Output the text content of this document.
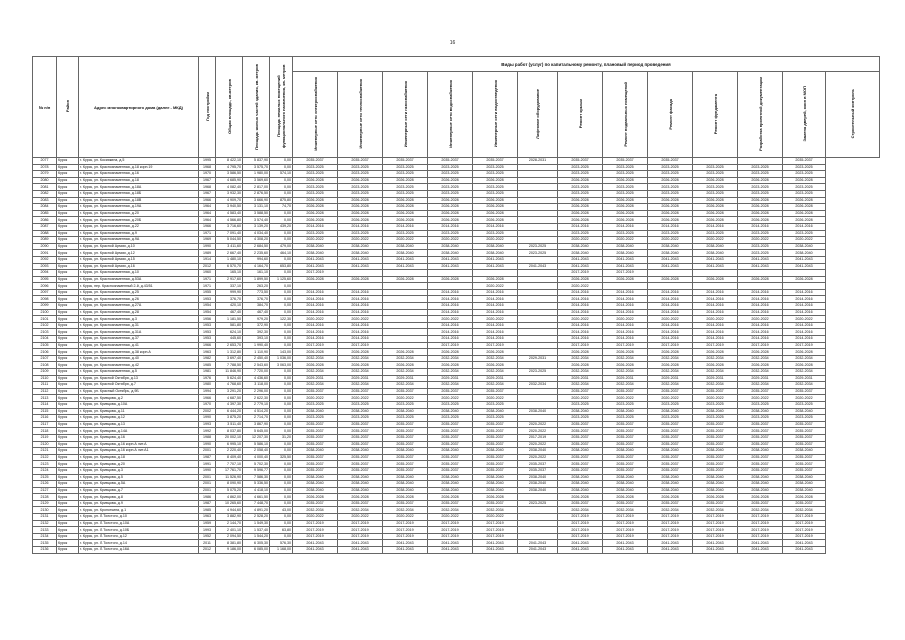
16
№ п/п	Район	Адрес многоквартирного дома (далее - МКД)	Год постройки	Общая площадь, кв.метров	Площадь жилых частей здания, кв. метров	Площадь нежилых помещений функционального назначения, кв. метров	Виды работ (услуг) по капитальному ремонту, плановый период проведения												
							Инженерные сети электроснабжения	Инженерные сети теплоснабжения	Инженерные сети газоснабжения	Инженерные сети водоснабжения	Инженерные сети водоотведения	Лифтовое оборудование	Ремонт крыши	Ремонт подвальных помещений	Ремонт фасада	Ремонт фундамента	Разработка проектной документации	Замена дверей, окон в МОП	Строительный контроль
2077	Курск	г. Курск, ул. Косиякина, д.5	1995	8 422,10	5 837,90	0,00	2035-2037	2035-2037	2035-2037	2035-2037	2035-2037	2028-2031	2035-2037	2035-2037	2035-2037			2035-2037	
2078	Курск	г. Курск, ул. Краснознаменная, д.18 корп.19	1968	4 795,70	3 575,70	0,00	2023-2025	2023-2025	2023-2025	2023-2025	2023-2025		2023-2025	2023-2025	2023-2025	2023-2025	2023-2025	2023-2025	
2079	Курск	г. Курск, ул. Краснознаменная, д.16	1970	3 586,50	1 980,00	574,10	2023-2025	2023-2025	2023-2025	2023-2025	2023-2025		2023-2025	2023-2025	2023-2025	2023-2025	2023-2025	2023-2025	
2080	Курск	г. Курск, ул. Краснознаменная, д.18	1967	4 685,90	3 569,60	0,00	2026-2028	2026-2028	2026-2028	2026-2028	2026-2028		2026-2028	2026-2028	2026-2028	2026-2028	2026-2028	2026-2028	
2081	Курск	г. Курск, ул. Краснознаменная, д.18А	1968	4 082,40	2 817,00	0,00	2023-2025	2023-2025	2023-2025	2023-2025	2023-2025		2023-2025	2023-2025	2023-2025	2023-2025	2023-2025	2023-2025	
2082	Курск	г. Курск, ул. Краснознаменная, д.18Б	1967	3 932,30	2 876,50	0,00	2023-2025	2023-2025	2023-2025	2023-2025	2023-2025		2023-2025	2023-2025	2023-2025	2023-2025	2023-2025	2023-2025	
2083	Курск	г. Курск, ул. Краснознаменная, д.18В	1966	4 909,70	3 666,90	875,80	2026-2028	2026-2028	2026-2028	2026-2028	2026-2028		2026-2028	2026-2028	2026-2028	2026-2028	2026-2028	2026-2028	
2084	Курск	г. Курск, ул. Краснознаменная, д.19А	1964	3 940,50	3 131,10	74,70	2026-2028	2026-2028	2026-2028	2026-2028	2026-2028		2026-2028	2026-2028	2026-2028	2026-2028	2026-2028	2026-2028	
2085	Курск	г. Курск, ул. Краснознаменная, д.20	1964	4 583,40	3 588,50	0,00	2026-2028	2026-2028	2026-2028	2026-2028	2026-2028		2026-2028	2026-2028	2026-2028	2026-2028	2026-2028	2026-2028	
2086	Курск	г. Курск, ул. Краснознаменная, д.20Б	1964	4 566,80	3 574,40	0,00	2026-2028	2026-2028	2026-2028	2026-2028	2026-2028		2026-2028	2026-2028	2026-2028	2026-2028	2026-2028	2026-2028	
2087	Курск	г. Курск, ул. Краснознаменная, д.22	1966	3 716,60	3 139,20	439,20	2014-2016	2014-2016	2014-2016	2014-2016	2014-2016		2014-2016	2014-2016	2014-2016	2014-2016	2014-2016	2014-2016	
2088	Курск	г. Курск, ул. Краснознаменная, д.9	1971	7 091,40	4 034,40	0,00	2023-2025	2023-2025	2023-2025	2023-2025	2023-2025		2023-2025	2023-2025	2023-2025	2023-2025	2023-2025	2023-2025	
2089	Курск	г. Курск, ул. Краснознаменная, д.9А	1969	5 044,50	4 308,20	0,00	2020-2022	2020-2022	2020-2022	2020-2022	2020-2022		2020-2022	2020-2022	2020-2022	2020-2022	2020-2022	2020-2022	
2090	Курск	г. Курск, ул. Красной Армии, д.10	1990	3 411,60	2 684,50	479,00	2038-2040	2038-2040	2038-2040	2038-2040	2038-2040	2023-2025	2038-2040	2038-2040	2038-2040	2038-2040	2023-2025	2038-2040	
2091	Курск	г. Курск, ул. Красной Армии, д.12	1989	2 667,40	2 235,60	464,10	2038-2040	2038-2040	2038-2040	2038-2040	2038-2040	2023-2025	2038-2040	2038-2040	2038-2040	2038-2040	2023-2025	2038-2040	
2092	Курск	г. Курск, ул. Красной Армии, д.15	1914	1 480,10	994,60	0,00	2041-2043	2041-2043	2041-2043	2041-2043	2041-2043		2041-2043	2041-2043	2041-2043	2041-2043	2041-2043	2041-2043	
2093	Курск	г. Курск, ул. Красной Армии, д.16	2012	6 570,70	4 164,70	653,80	2041-2043	2041-2043	2041-2043	2041-2043	2041-2043	2041-2043	2041-2043	2041-2043	2041-2043	2041-2043	2041-2043	2041-2043	
2094	Курск	г. Курск, ул. Краснознаменная, д.10	1960	165,10	161,10	0,00	2017-2019						2017-2019	2017-2019					
2095	Курск	г. Курск, ул. Краснознаменная, д.53А	1971	2 917,60	1 899,50	1 125,60	2026-2028	2026-2028	2026-2028	2026-2028	2026-2028		2026-2028	2026-2028	2026-2028	2026-2028	2026-2028	2026-2028	
2096	Курск	г. Курск, пер. Краснознаменный 2-й, д.43/51	1971	337,10	263,20	0,00					2020-2022		2020-2022						
2097	Курск	г. Курск, ул. Краснознаменная, д.25	1955	999,90	773,50	0,00	2014-2016	2014-2016		2014-2016	2014-2016		2014-2016	2014-2016	2014-2016	2014-2016	2014-2016	2014-2016	
2098	Курск	г. Курск, ул. Краснознаменная, д.26	1953	376,70	376,70	0,00	2014-2016	2014-2016		2014-2016	2014-2016		2014-2016	2014-2016	2014-2016	2014-2016	2014-2016	2014-2016	
2099	Курск	г. Курск, ул. Краснознаменная, д.27А	1954	420,10	384,70	0,00	2014-2016	2014-2016		2014-2016	2014-2016		2014-2016	2014-2016	2014-2016	2014-2016	2014-2016	2014-2016	
2100	Курск	г. Курск, ул. Краснознаменная, д.28	1954	467,40	467,40	0,00	2014-2016	2014-2016		2014-2016	2014-2016		2014-2016	2014-2016	2014-2016	2014-2016	2014-2016	2014-2016	
2101	Курск	г. Курск, ул. Краснознаменная, д.3	1956	1 181,50	979,20	122,30	2020-2022	2020-2022		2020-2022	2020-2022		2020-2022	2020-2022	2020-2022	2020-2022	2020-2022	2020-2022	
2102	Курск	г. Курск, ул. Краснознаменная, д.31	1953	581,80	372,90	0,00	2014-2016	2014-2016		2014-2016	2014-2016		2014-2016	2014-2016	2014-2016	2014-2016	2014-2016	2014-2016	
2103	Курск	г. Курск, ул. Краснознаменная, д.31А	1953	624,10	392,30	0,00	2014-2016	2014-2016		2014-2016	2014-2016		2014-2016	2014-2016	2014-2016	2014-2016	2014-2016	2014-2016	
2104	Курск	г. Курск, ул. Краснознаменная, д.37	1953	445,60	393,10	0,00	2014-2016	2014-2016		2014-2016	2014-2016		2014-2016	2014-2016	2014-2016	2014-2016	2014-2016	2014-2016	
2105	Курск	г. Курск, ул. Краснознаменная, д.41	1966	2 653,70	1 990,40	0,00	2017-2019	2017-2019		2017-2019	2017-2019		2017-2019	2017-2019	2017-2019	2017-2019	2017-2019	2017-2019	
2106	Курск	г. Курск, ул. Краснознаменная, д.38 корп.А	1963	1 312,80	1 110,90	143,00	2026-2028	2026-2028	2026-2028	2026-2028	2026-2028		2026-2028	2026-2028	2026-2028	2026-2028	2026-2028	2026-2028	
2107	Курск	г. Курск, ул. Краснознаменная, д.40	1982	3 697,40	2 450,40	1 036,00	2032-2034	2032-2034	2032-2034	2032-2034	2032-2034	2029-2031	2032-2034	2032-2034	2032-2034	2032-2034	2032-2034	2032-2034	
2108	Курск	г. Курск, ул. Краснознаменная, д.42	1985	7 788,50	2 543,60	3 063,00	2026-2028	2026-2028	2026-2028	2026-2028	2026-2028		2026-2028	2026-2028	2026-2028	2026-2028	2026-2028	2026-2028	
2109	Курск	г. Курск, ул. Краснознаменная, д.5	1981	11 846,90	7 720,00	0,00	2032-2034	2032-2034	2032-2034	2032-2034	2032-2034	2023-2025	2032-2034	2032-2034	2032-2034	2032-2034	2032-2034	2032-2034	
2110	Курск	г. Курск, ул. Красной Октября, д.13	1976	5 624,40	4 436,60	0,00	2029-2031	2029-2031	2029-2031	2029-2031	2029-2031		2029-2031	2029-2031	2029-2031	2029-2031	2029-2031	2029-2031	
2111	Курск	г. Курск, ул. Красной Октября, д.7	1980	4 768,60	3 118,00	0,00	2032-2034	2032-2034	2032-2034	2032-2034	2032-2034	2032-2034	2032-2034	2032-2034	2032-2034	2032-2034	2032-2034	2032-2034	
2112	Курск	г. Курск, ул. Красный Октябрь, д.9Б	1994	3 291,20	2 296,00	0,00	2035-2037	2035-2037	2035-2037	2035-2037	2035-2037		2035-2037	2035-2037	2035-2037	2035-2037	2035-2037	2035-2037	
2113	Курск	г. Курск, ул. Кривцова, д.2	1966	4 687,50	2 622,30	0,00	2020-2022	2020-2022	2020-2022	2020-2022	2020-2022		2020-2022	2020-2022	2020-2022	2020-2022	2020-2022	2020-2022	
2114	Курск	г. Курск, ул. Кривцова, д.10А	1970	4 397,30	2 779,10	0,00	2023-2025	2023-2025	2023-2025	2023-2025	2023-2025		2023-2025	2023-2025	2023-2025	2023-2025	2023-2025	2023-2025	
2115	Курск	г. Курск, ул. Кривцова, д.11	2002	6 444,20	4 514,20	0,00	2038-2040	2038-2040	2038-2040	2038-2040	2038-2040	2038-2040	2038-2040	2038-2040	2038-2040	2038-2040	2038-2040	2038-2040	
2116	Курск	г. Курск, ул. Кривцова, д.12	1990	3 875,20	2 714,70	0,00	2023-2025	2023-2025	2023-2025	2023-2025	2023-2025		2023-2025	2023-2025	2023-2025	2023-2025	2023-2025	2023-2025	
2117	Курск	г. Курск, ул. Кривцова, д.13	1993	3 511,40	3 867,90	0,00	2035-2037	2035-2037	2035-2037	2035-2037	2035-2037	2020-2022	2035-2037	2035-2037	2035-2037	2035-2037	2035-2037	2035-2037	
2118	Курск	г. Курск, ул. Кривцова, д.14А	1992	8 037,80	5 645,00	0,00	2035-2037	2035-2037	2035-2037	2035-2037	2035-2037	2020-2022	2035-2037	2035-2037	2035-2037	2035-2037	2035-2037	2035-2037	
2119	Курск	г. Курск, ул. Кривцова, д.16	1988	20 002,10	12 207,30	31,20	2035-2037	2035-2037	2035-2037	2035-2037	2035-2037	2017-2019	2035-2037	2035-2037	2035-2037	2035-2037	2035-2037	2035-2037	
2120	Курск	г. Курск, ул. Кривцова, д.16 корп.А лит.А	1990	6 995,10	5 586,10	0,00	2035-2037	2035-2037	2035-2037	2035-2037	2035-2037	2020-2022	2035-2037	2035-2037	2035-2037	2035-2037	2035-2037	2035-2037	
2121	Курск	г. Курск, ул. Кривцова, д.16 корп.А лит.А1	2001	2 220,40	2 058,40	0,00	2038-2040	2038-2040	2038-2040	2038-2040	2038-2040	2038-2040	2038-2040	2038-2040	2038-2040	2038-2040	2038-2040	2038-2040	
2122	Курск	г. Курск, ул. Кривцова, д.18	1987	8 409,40	4 000,40	325,50	2035-2037	2035-2037	2035-2037	2035-2037	2035-2037	2020-2022	2035-2037	2035-2037	2035-2037	2035-2037	2035-2037	2035-2037	
2123	Курск	г. Курск, ул. Кривцова, д.20	1991	7 707,10	5 702,30	0,00	2035-2037	2035-2037	2035-2037	2035-2037	2035-2037	2035-2037	2035-2037	2035-2037	2035-2037	2035-2037	2035-2037	2035-2037	
2124	Курск	г. Курск, ул. Кривцова, д.3	1990	17 761,70	9 596,77	0,00	2035-2037	2035-2037	2035-2037	2035-2037	2035-2037	2035-2037	2035-2037	2035-2037	2035-2037	2035-2037	2035-2037	2035-2037	
2125	Курск	г. Курск, ул. Кривцова, д.5	2001	11 526,90	7 586,30	0,00	2038-2040	2038-2040	2038-2040	2038-2040	2038-2040	2038-2040	2038-2040	2038-2040	2038-2040	2038-2040	2038-2040	2038-2040	
2126	Курск	г. Курск, ул. Кривцова, д.5А	2001	8 090,90	5 336,50	0,00	2038-2040	2038-2040	2038-2040	2038-2040	2038-2040	2038-2040	2038-2040	2038-2040	2038-2040	2038-2040	2038-2040	2038-2040	
2127	Курск	г. Курск, ул. Кривцова, д.7	2001	5 075,20	4 418,10	0,00	2038-2040	2038-2040	2038-2040	2038-2040	2038-2040	2038-2040	2038-2040	2038-2040	2038-2040	2038-2040	2038-2040	2038-2040	
2128	Курск	г. Курск, ул. Кривцова, д.8	1986	4 862,00	4 661,50	0,00	2026-2028	2026-2028	2026-2028	2026-2028	2026-2028		2026-2028	2026-2028	2026-2028	2026-2028	2026-2028	2026-2028	
2129	Курск	г. Курск, ул. Кривцова, д.9	1987	10 265,60	7 448,70	0,00	2035-2037	2035-2037	2035-2037	2035-2037	2035-2037	2023-2025	2035-2037	2035-2037	2035-2037	2035-2037	2035-2037	2035-2037	
2130	Курск	г. Курск, ул. Кропоткина, д.1	1985	4 944,60	4 891,20	43,00	2032-2034	2032-2034	2032-2034	2032-2034	2032-2034		2032-2034	2032-2034	2032-2034	2032-2034	2032-2034	2032-2034	
2131	Курск	г. Курск, ул. Л.Толстого, д.10	1963	3 882,90	2 528,20	0,00	2020-2022	2020-2022	2020-2022	2020-2022	2020-2022		2017-2019	2017-2019	2017-2019	2017-2019	2017-2019	2017-2019	
2132	Курск	г. Курск, ул. Л.Толстого, д.10А	1959	2 144,70	1 549,30	0,00	2017-2019	2017-2019	2017-2019	2017-2019	2017-2019		2017-2019	2017-2019	2017-2019	2017-2019	2017-2019	2017-2019	
2133	Курск	г. Курск, ул. Л.Толстого, д.10Б	1993	2 401,10	1 537,40	63,80	2017-2019	2017-2019	2017-2019	2017-2019	2017-2019		2017-2019	2017-2019	2017-2019	2017-2019	2017-2019	2017-2019	
2134	Курск	г. Курск, ул. Л.Толстого, д.12	1952	2 094,50	1 544,20	0,00	2017-2019	2017-2019	2017-2019	2017-2019	2017-2019		2017-2019	2017-2019	2017-2019	2017-2019	2017-2019	2017-2019	
2135	Курск	г. Курск, ул. Л.Толстого, д.14	2011	8 381,80	6 305,30	576,30	2041-2043	2041-2043	2041-2043	2041-2043	2041-2043	2041-2043	2041-2043	2041-2043	2041-2043	2041-2043	2041-2043	2041-2043	
2136	Курск	г. Курск, ул. Л.Толстого, д.16А	2012	9 186,00	6 085,00	1 168,00	2041-2043	2041-2043	2041-2043	2041-2043	2041-2043	2041-2043	2041-2043	2041-2043	2041-2043	2041-2043	2041-2043	2041-2043	
